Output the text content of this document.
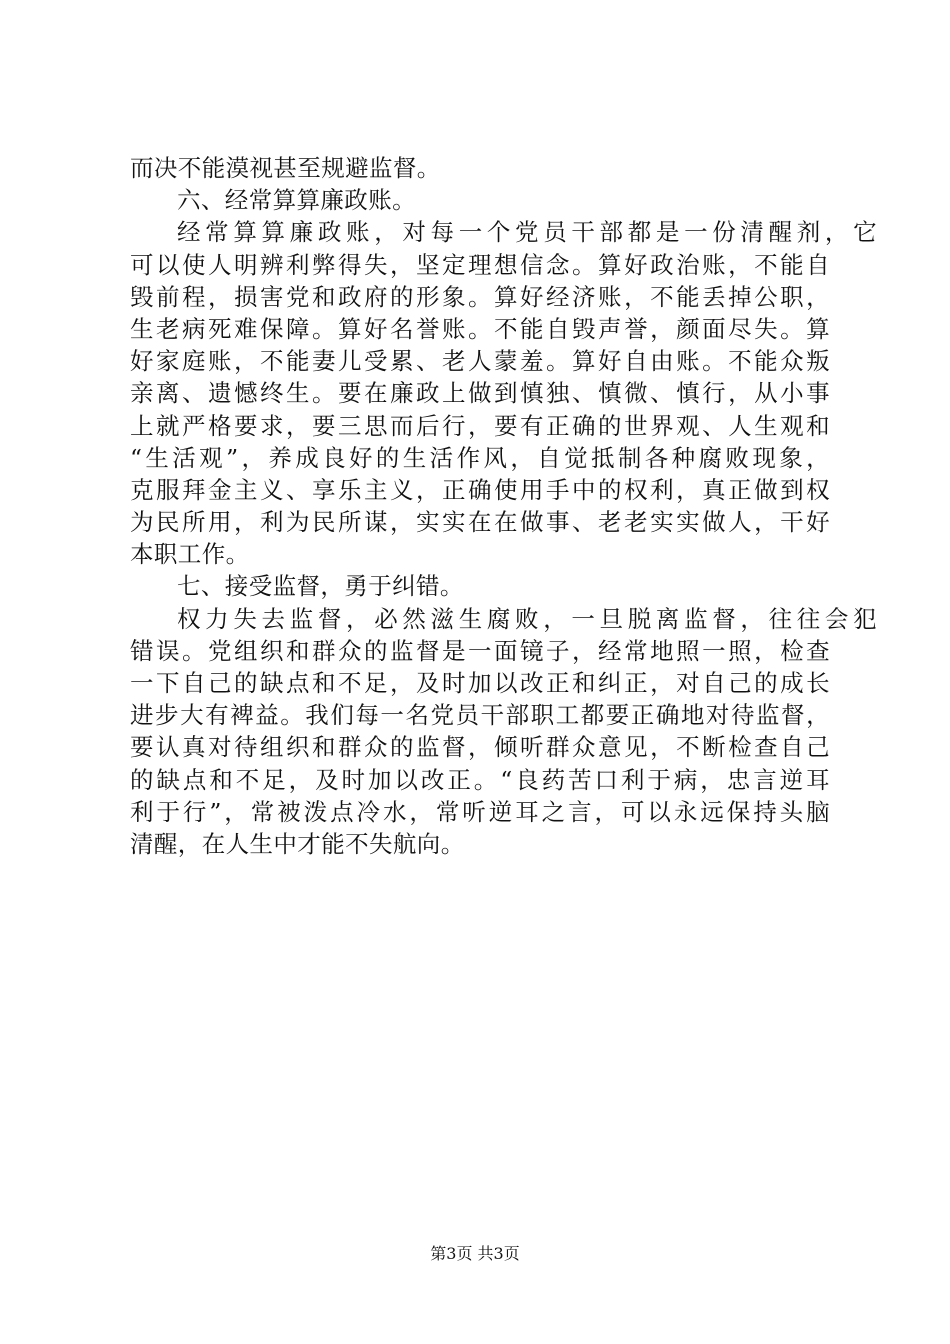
而决不能漠视甚至规避监督。
六、经常算算廉政账。
经常算算廉政账，对每一个党员干部都是一份清醒剂，它
可以使人明辨利弊得失，坚定理想信念。算好政治账，不能自
毁前程，损害党和政府的形象。算好经济账，不能丢掉公职，
生老病死难保障。算好名誉账。不能自毁声誉，颜面尽失。算
好家庭账，不能妻儿受累、老人蒙羞。算好自由账。不能众叛
亲离、遗憾终生。要在廉政上做到慎独、慎微、慎行，从小事
上就严格要求，要三思而后行，要有正确的世界观、人生观和
“生活观”，养成良好的生活作风，自觉抵制各种腐败现象，
克服拜金主义、享乐主义，正确使用手中的权利，真正做到权
为民所用，利为民所谋，实实在在做事、老老实实做人，干好
本职工作。
七、接受监督，勇于纠错。
权力失去监督，必然滋生腐败，一旦脱离监督，往往会犯
错误。党组织和群众的监督是一面镜子，经常地照一照，检查
一下自己的缺点和不足，及时加以改正和纠正，对自己的成长
进步大有裨益。我们每一名党员干部职工都要正确地对待监督，
要认真对待组织和群众的监督，倾听群众意见，不断检查自己
的缺点和不足，及时加以改正。“良药苦口利于病，忠言逆耳
利于行”，常被泼点冷水，常听逆耳之言，可以永远保持头脑
清醒，在人生中才能不失航向。
第3页 共3页
